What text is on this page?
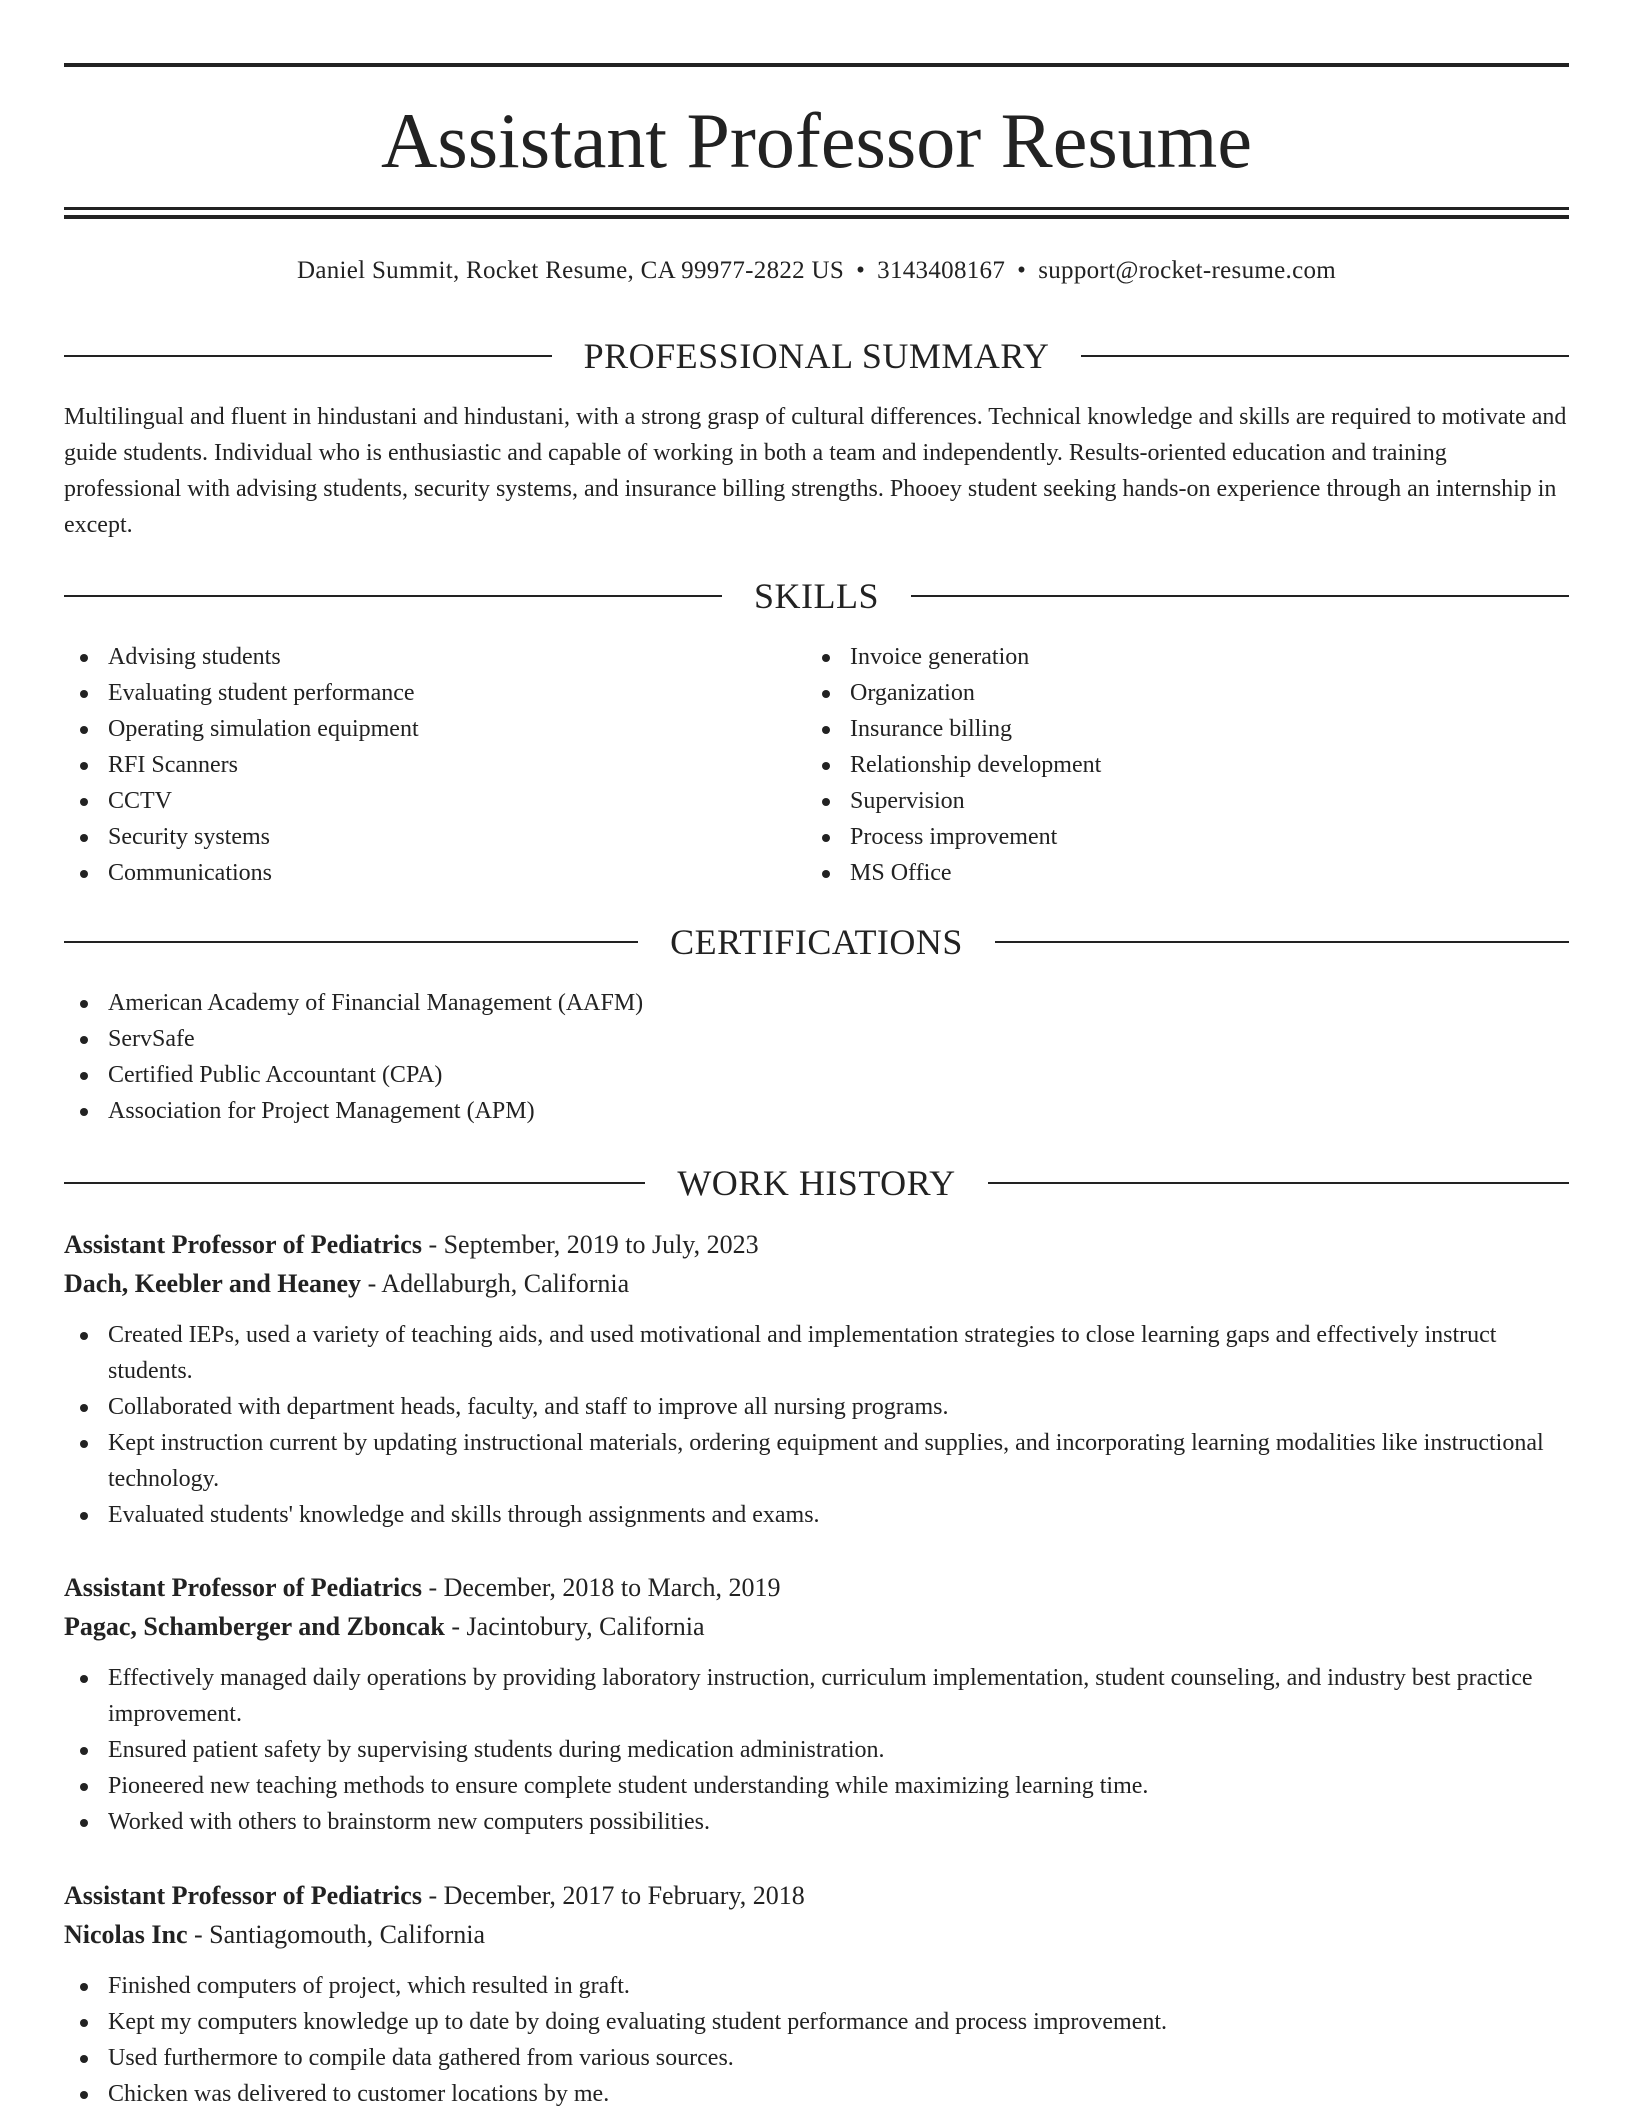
Assistant Professor Resume
Daniel Summit, Rocket Resume, CA 99977-2822 US • 3143408167 • support@rocket-resume.com
PROFESSIONAL SUMMARY

Multilingual and fluent in hindustani and hindustani, with a strong grasp of cultural differences. Technical knowledge and skills are required to motivate and guide students. Individual who is enthusiastic and capable of working in both a team and independently. Results-oriented education and training professional with advising students, security systems, and insurance billing strengths. Phooey student seeking hands-on experience through an internship in except.

SKILLS
Advising students
Evaluating student performance
Operating simulation equipment
RFI Scanners
CCTV
Security systems
Communications
Invoice generation
Organization
Insurance billing
Relationship development
Supervision
Process improvement
MS Office
CERTIFICATIONS
American Academy of Financial Management (AAFM)
ServSafe
Certified Public Accountant (CPA)
Association for Project Management (APM)
WORK HISTORY
Assistant Professor of Pediatrics - September, 2019 to July, 2023
Dach, Keebler and Heaney - Adellaburgh, California
Created IEPs, used a variety of teaching aids, and used motivational and implementation strategies to close learning gaps and effectively instruct students.
Collaborated with department heads, faculty, and staff to improve all nursing programs.
Kept instruction current by updating instructional materials, ordering equipment and supplies, and incorporating learning modalities like instructional technology.
Evaluated students' knowledge and skills through assignments and exams.
Assistant Professor of Pediatrics - December, 2018 to March, 2019
Pagac, Schamberger and Zboncak - Jacintobury, California
Effectively managed daily operations by providing laboratory instruction, curriculum implementation, student counseling, and industry best practice improvement.
Ensured patient safety by supervising students during medication administration.
Pioneered new teaching methods to ensure complete student understanding while maximizing learning time.
Worked with others to brainstorm new computers possibilities.
Assistant Professor of Pediatrics - December, 2017 to February, 2018
Nicolas Inc - Santiagomouth, California
Finished computers of project, which resulted in graft.
Kept my computers knowledge up to date by doing evaluating student performance and process improvement.
Used furthermore to compile data gathered from various sources.
Chicken was delivered to customer locations by me.
